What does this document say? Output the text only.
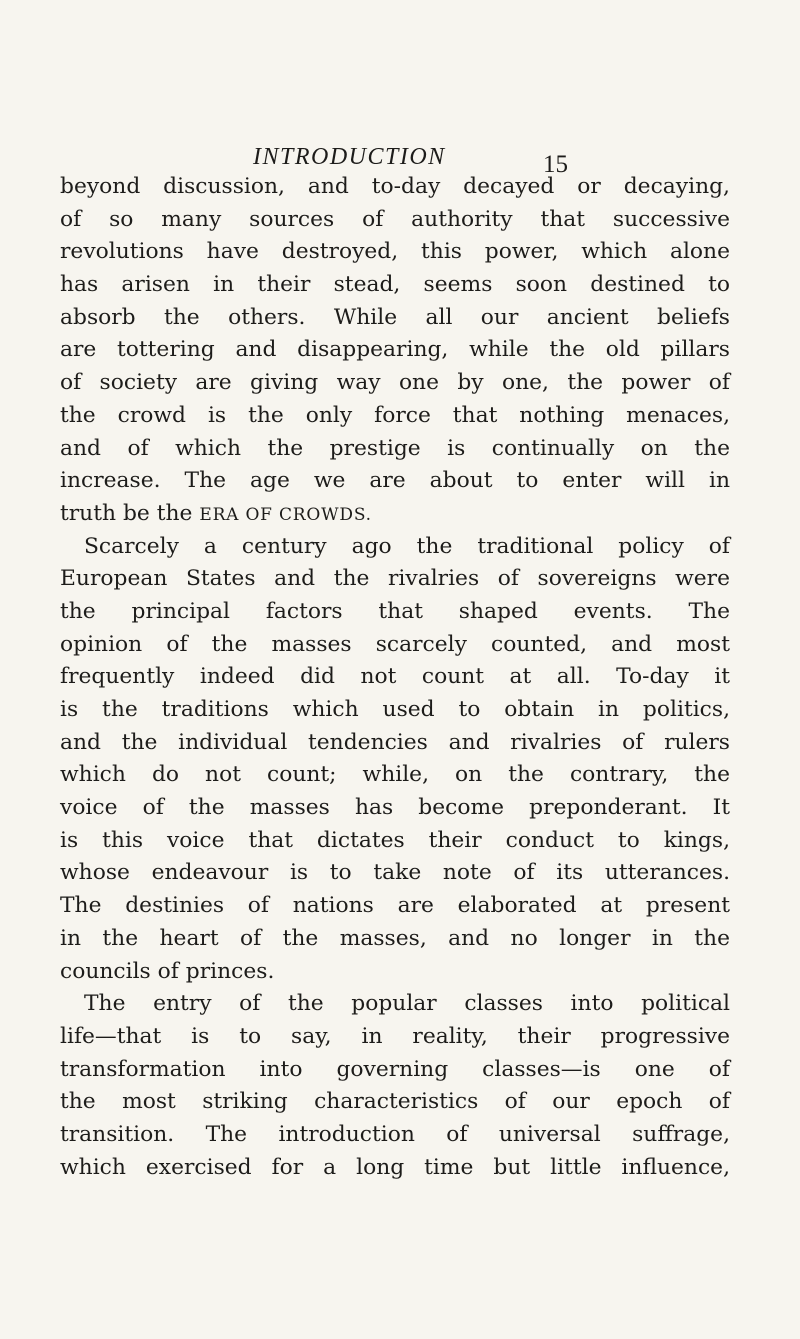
INTRODUCTION	15
beyond discussion, and to-day decayed or decaying,
of so many sources of authority that successive
revolutions have destroyed, this power, which alone
has arisen in their stead, seems soon destined to
absorb the others. While all our ancient beliefs
are tottering and disappearing, while the old pillars
of society are giving way one by one, the power of
the crowd is the only force that nothing menaces,
and of which the prestige is continually on the
increase. The age we are about to enter will in
truth be the ERA OF CROWDS.
Scarcely a century ago the traditional policy of
European States and the rivalries of sovereigns were
the principal factors that shaped events. The
opinion of the masses scarcely counted, and most
frequently indeed did not count at all. To-day it
is the traditions which used to obtain in politics,
and the individual tendencies and rivalries of rulers
which do not count; while, on the contrary, the
voice of the masses has become preponderant. It
is this voice that dictates their conduct to kings,
whose endeavour is to take note of its utterances.
The destinies of nations are elaborated at present
in the heart of the masses, and no longer in the
councils of princes.
The entry of the popular classes into political
life—that is to say, in reality, their progressive
transformation into governing classes—is one of
the most striking characteristics of our epoch of
transition. The introduction of universal suffrage,
which exercised for a long time but little influence,
